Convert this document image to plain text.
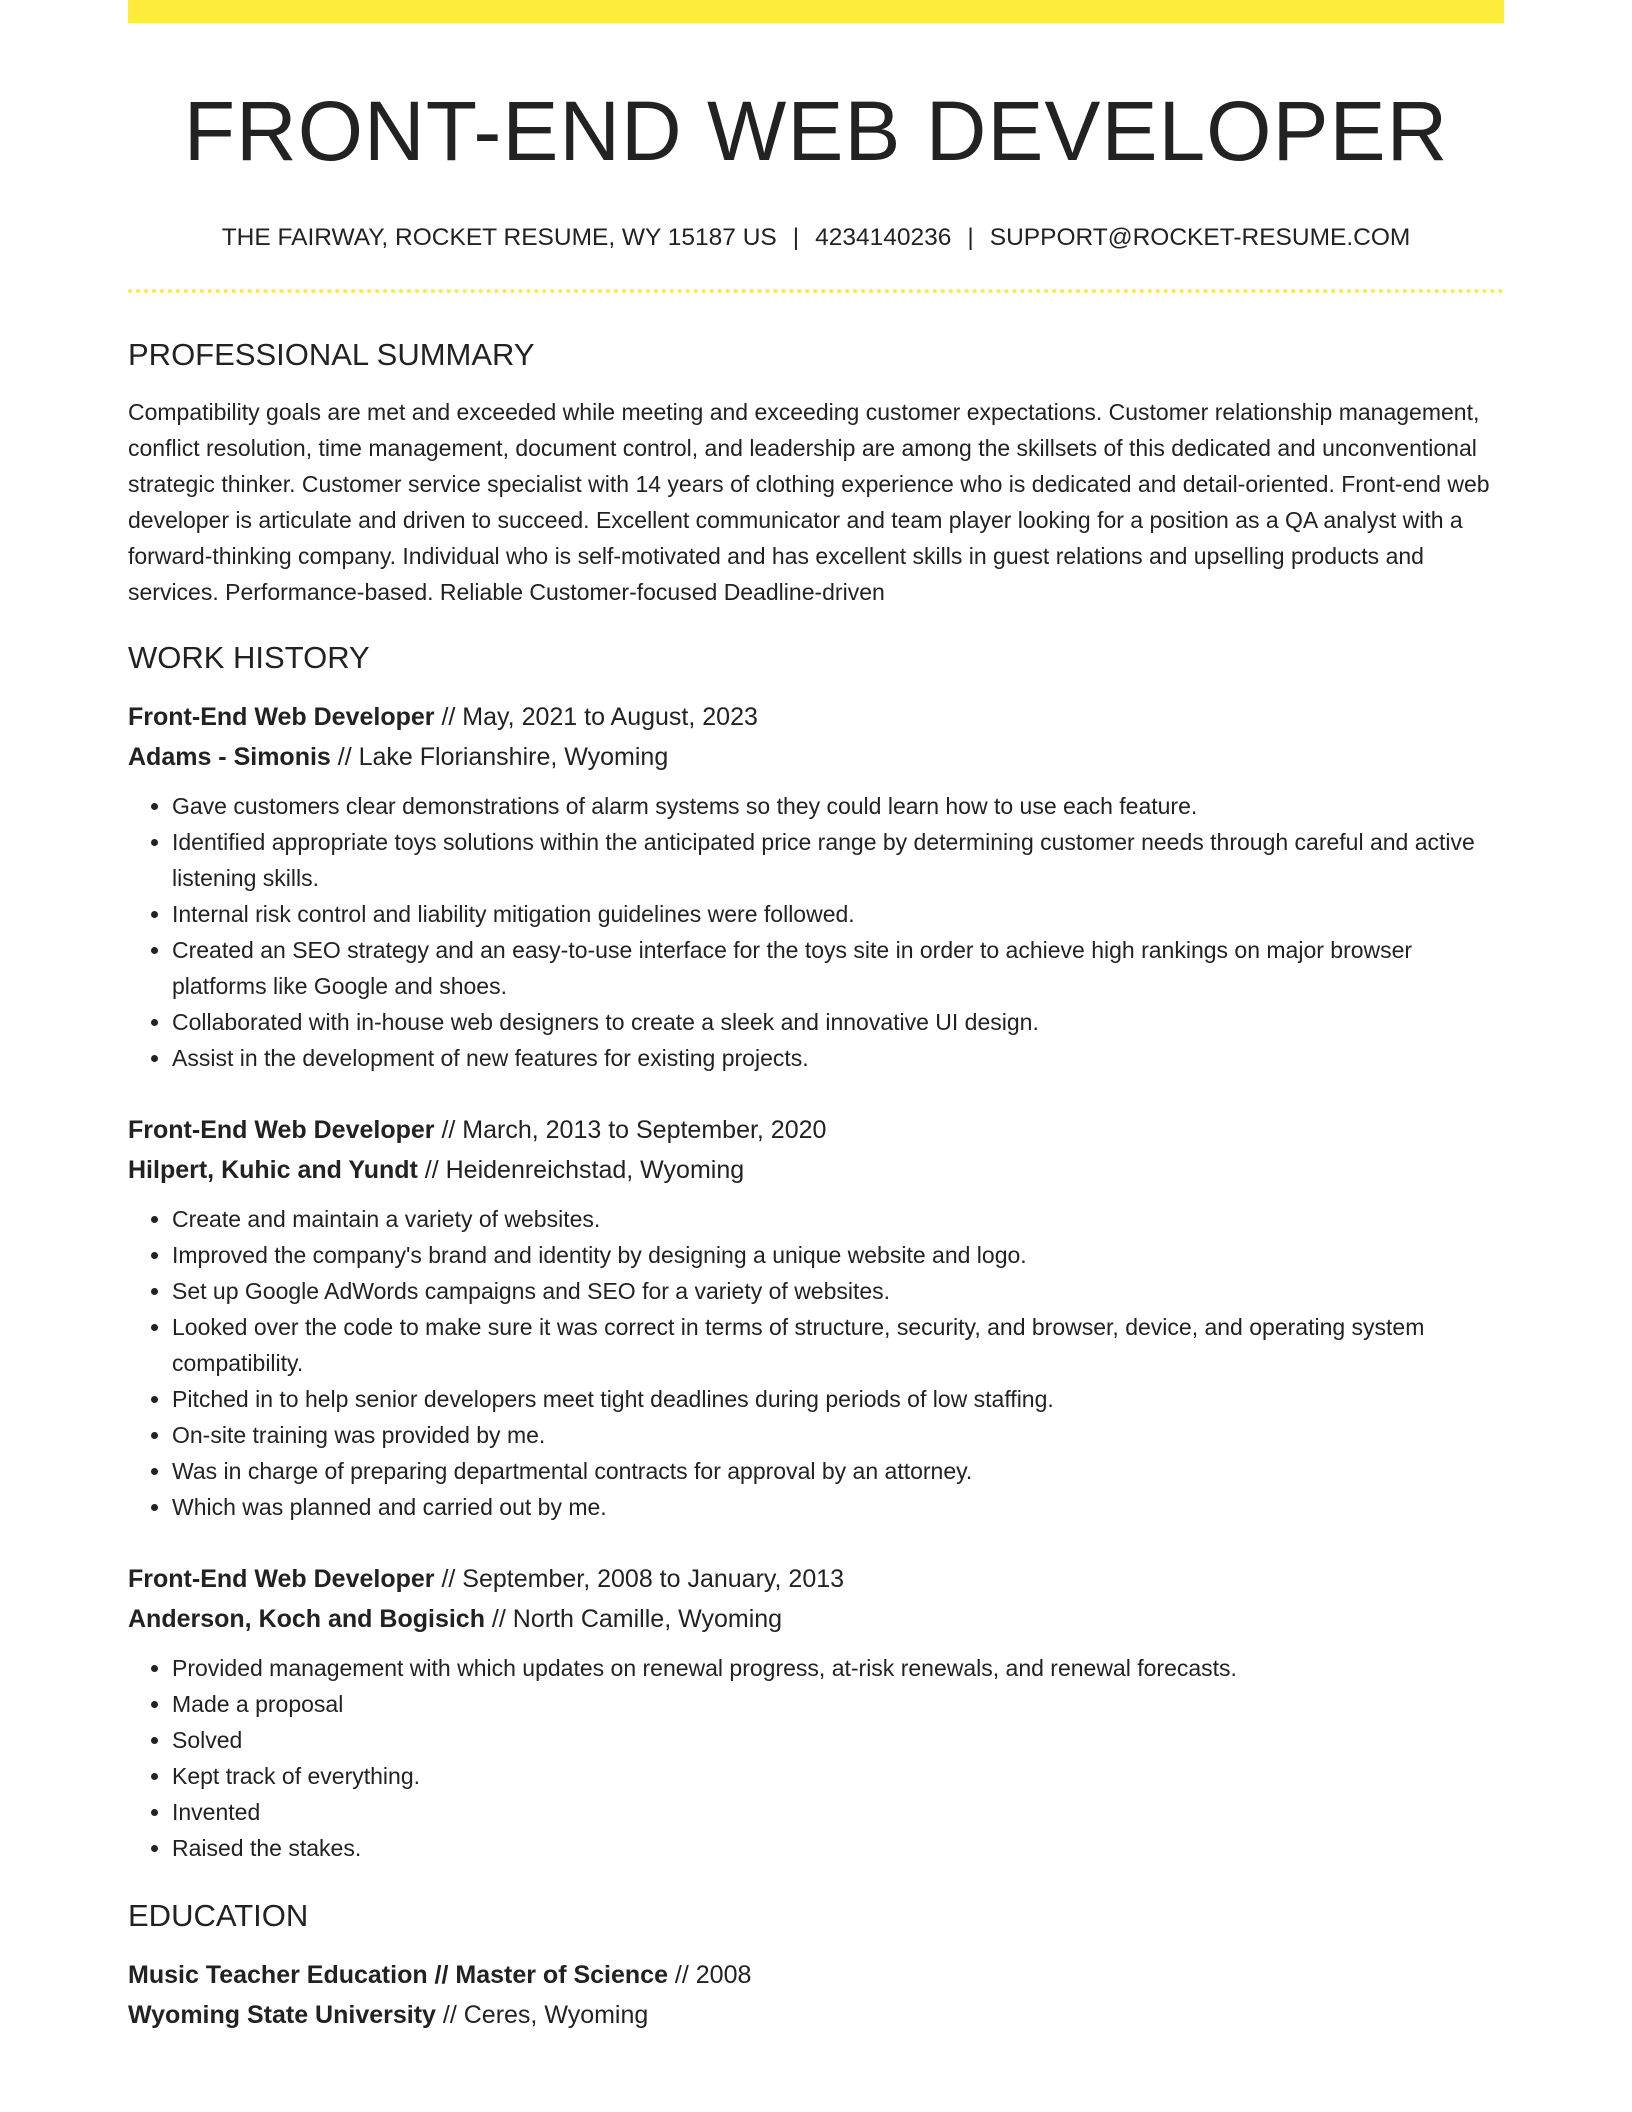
FRONT-END WEB DEVELOPER
THE FAIRWAY, ROCKET RESUME, WY 15187 US | 4234140236 | SUPPORT@ROCKET-RESUME.COM
PROFESSIONAL SUMMARY

Compatibility goals are met and exceeded while meeting and exceeding customer expectations. Customer relationship management, conflict resolution, time management, document control, and leadership are among the skillsets of this dedicated and unconventional strategic thinker. Customer service specialist with 14 years of clothing experience who is dedicated and detail-oriented. Front-end web developer is articulate and driven to succeed. Excellent communicator and team player looking for a position as a QA analyst with a forward-thinking company. Individual who is self-motivated and has excellent skills in guest relations and upselling products and services. Performance-based. Reliable Customer-focused Deadline-driven

WORK HISTORY
Front-End Web Developer // May, 2021 to August, 2023
Adams - Simonis // Lake Florianshire, Wyoming
• Gave customers clear demonstrations of alarm systems so they could learn how to use each feature.
• Identified appropriate toys solutions within the anticipated price range by determining customer needs through careful and active listening skills.
• Internal risk control and liability mitigation guidelines were followed.
• Created an SEO strategy and an easy-to-use interface for the toys site in order to achieve high rankings on major browser platforms like Google and shoes.
• Collaborated with in-house web designers to create a sleek and innovative UI design.
• Assist in the development of new features for existing projects.
Front-End Web Developer // March, 2013 to September, 2020
Hilpert, Kuhic and Yundt // Heidenreichstad, Wyoming
• Create and maintain a variety of websites.
• Improved the company's brand and identity by designing a unique website and logo.
• Set up Google AdWords campaigns and SEO for a variety of websites.
• Looked over the code to make sure it was correct in terms of structure, security, and browser, device, and operating system compatibility.
• Pitched in to help senior developers meet tight deadlines during periods of low staffing.
• On-site training was provided by me.
• Was in charge of preparing departmental contracts for approval by an attorney.
• Which was planned and carried out by me.
Front-End Web Developer // September, 2008 to January, 2013
Anderson, Koch and Bogisich // North Camille, Wyoming
• Provided management with which updates on renewal progress, at-risk renewals, and renewal forecasts.
• Made a proposal
• Solved
• Kept track of everything.
• Invented
• Raised the stakes.
EDUCATION
Music Teacher Education // Master of Science // 2008
Wyoming State University // Ceres, Wyoming
